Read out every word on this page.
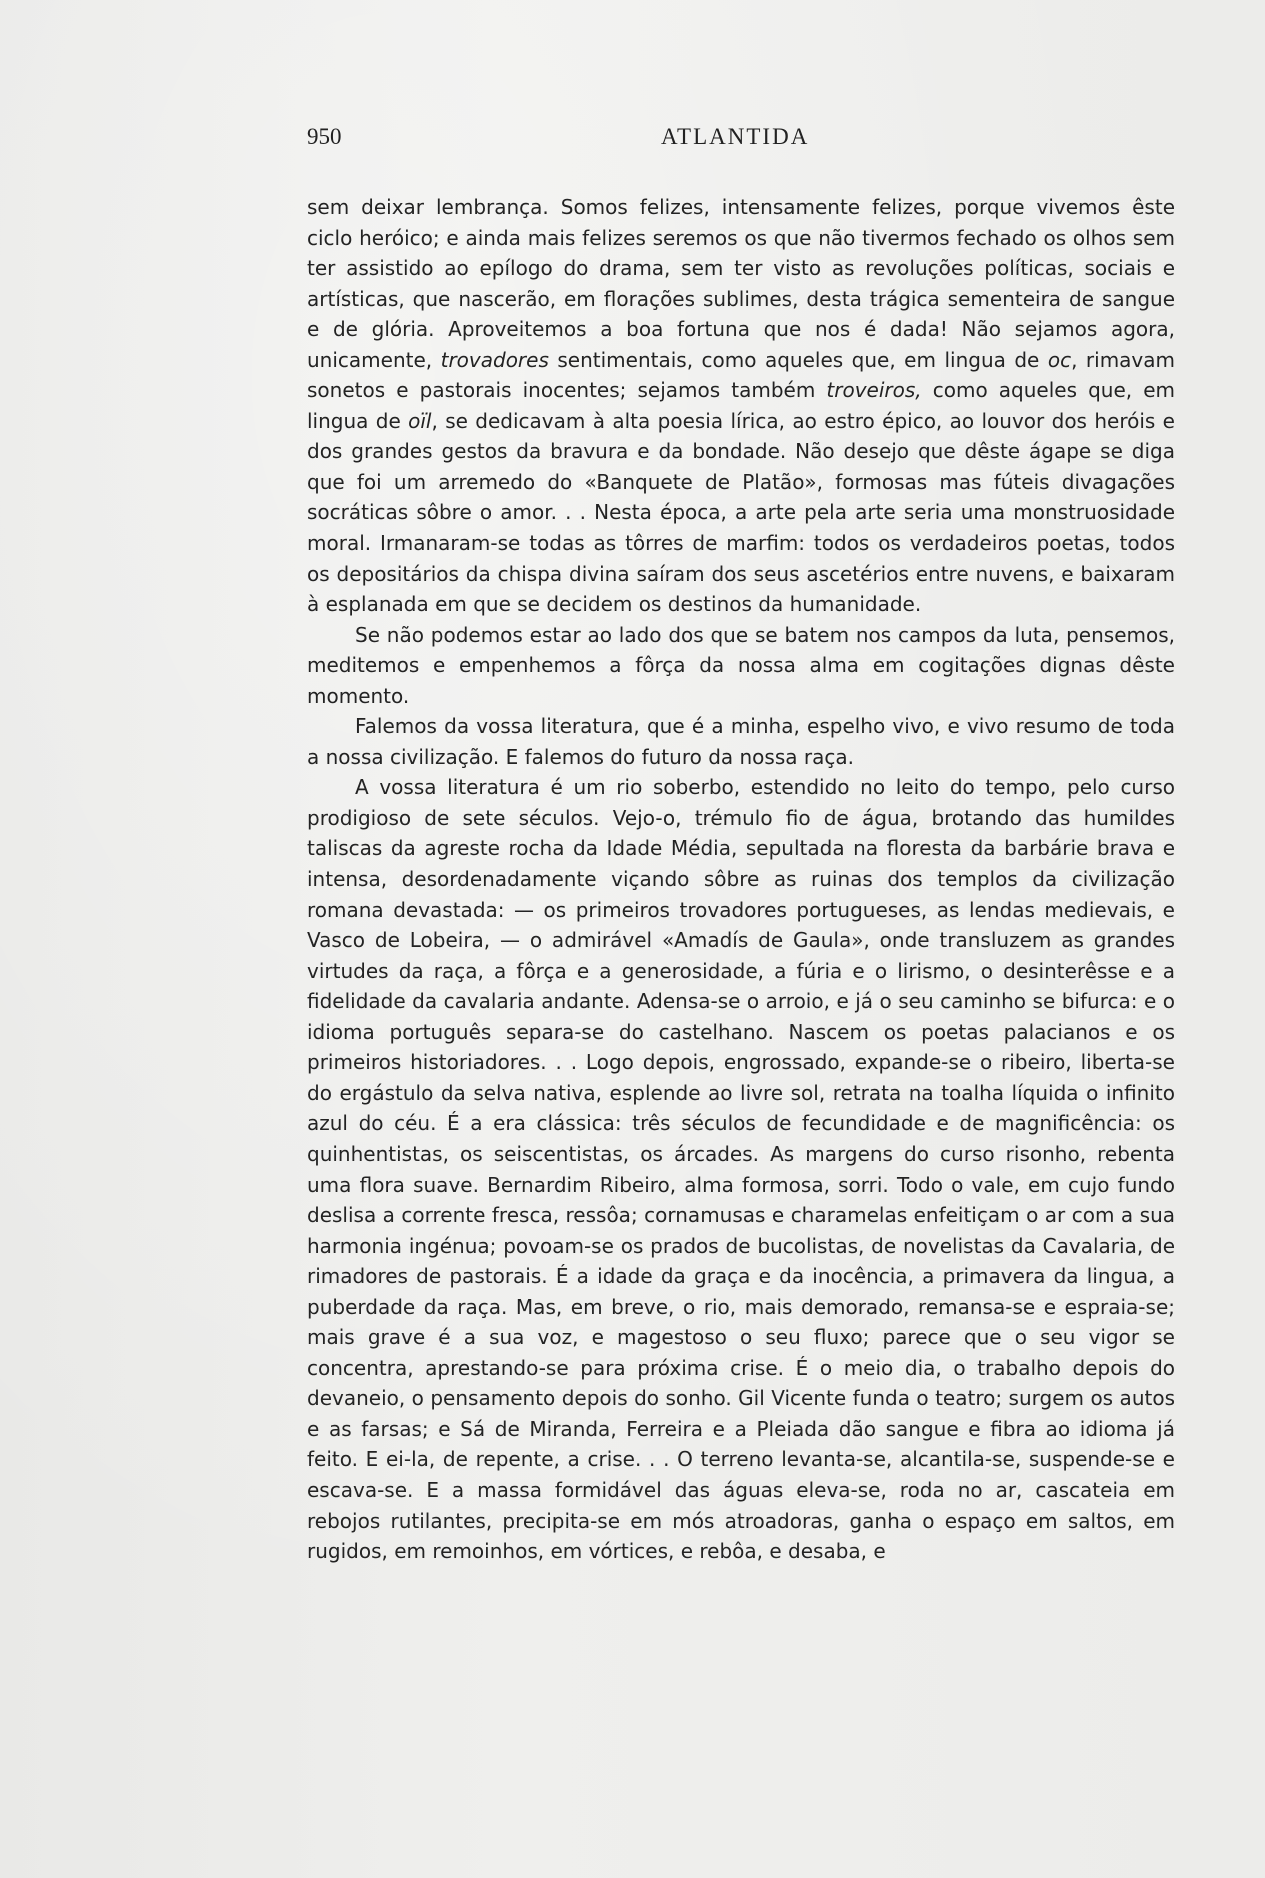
950	ATLANTIDA

sem deixar lembrança. Somos felizes, intensamente felizes, porque vivemos êste ciclo heróico; e ainda mais felizes seremos os que não tivermos fechado os olhos sem ter assistido ao epílogo do drama, sem ter visto as revoluções políticas, sociais e artísticas, que nascerão, em florações sublimes, desta trágica sementeira de sangue e de glória. Aproveitemos a boa fortuna que nos é dada! Não sejamos agora, unicamente, trovadores sentimentais, como aqueles que, em lingua de oc, rimavam sonetos e pastorais inocentes; sejamos também troveiros, como aqueles que, em lingua de oïl, se dedicavam à alta poesia lírica, ao estro épico, ao louvor dos heróis e dos grandes gestos da bravura e da bondade. Não desejo que dêste ágape se diga que foi um arremedo do «Banquete de Platão», formosas mas fúteis divagações socráticas sôbre o amor. . . Nesta época, a arte pela arte seria uma monstruosidade moral. Irmanaram-se todas as tôrres de marfim: todos os verdadeiros poetas, todos os depositários da chispa divina saíram dos seus ascetérios entre nuvens, e baixaram à esplanada em que se decidem os destinos da humanidade.

Se não podemos estar ao lado dos que se batem nos campos da luta, pensemos, meditemos e empenhemos a fôrça da nossa alma em cogitações dignas dêste momento.

Falemos da vossa literatura, que é a minha, espelho vivo, e vivo resumo de toda a nossa civilização. E falemos do futuro da nossa raça.

A vossa literatura é um rio soberbo, estendido no leito do tempo, pelo curso prodigioso de sete séculos. Vejo-o, trémulo fio de água, brotando das humildes taliscas da agreste rocha da Idade Média, sepultada na floresta da barbárie brava e intensa, desordenadamente viçando sôbre as ruinas dos templos da civilização romana devastada: — os primeiros trovadores portugueses, as lendas medievais, e Vasco de Lobeira, — o admirável «Amadís de Gaula», onde transluzem as grandes virtudes da raça, a fôrça e a generosidade, a fúria e o lirismo, o desinterêsse e a fidelidade da cavalaria andante. Adensa-se o arroio, e já o seu caminho se bifurca: e o idioma português separa-se do castelhano. Nascem os poetas palacianos e os primeiros historiadores. . . Logo depois, engrossado, expande-se o ribeiro, liberta-se do ergástulo da selva nativa, esplende ao livre sol, retrata na toalha líquida o infinito azul do céu. É a era clássica: três séculos de fecundidade e de magnificência: os quinhentistas, os seiscentistas, os árcades. As margens do curso risonho, rebenta uma flora suave. Bernardim Ribeiro, alma formosa, sorri. Todo o vale, em cujo fundo deslisa a corrente fresca, ressôa; cornamusas e charamelas enfeitiçam o ar com a sua harmonia ingénua; povoam-se os prados de bucolistas, de novelistas da Cavalaria, de rimadores de pastorais. É a idade da graça e da inocência, a primavera da lingua, a puberdade da raça. Mas, em breve, o rio, mais demorado, remansa-se e espraia-se; mais grave é a sua voz, e magestoso o seu fluxo; parece que o seu vigor se concentra, aprestando-se para próxima crise. É o meio dia, o trabalho depois do devaneio, o pensamento depois do sonho. Gil Vicente funda o teatro; surgem os autos e as farsas; e Sá de Miranda, Ferreira e a Pleiada dão sangue e fibra ao idioma já feito. E ei-la, de repente, a crise. . . O terreno levanta-se, alcantila-se, suspende-se e escava-se. E a massa formidável das águas eleva-se, roda no ar, cascateia em rebojos rutilantes, precipita-se em mós atroadoras, ganha o espaço em saltos, em rugidos, em remoinhos, em vórtices, e rebôa, e desaba, e
